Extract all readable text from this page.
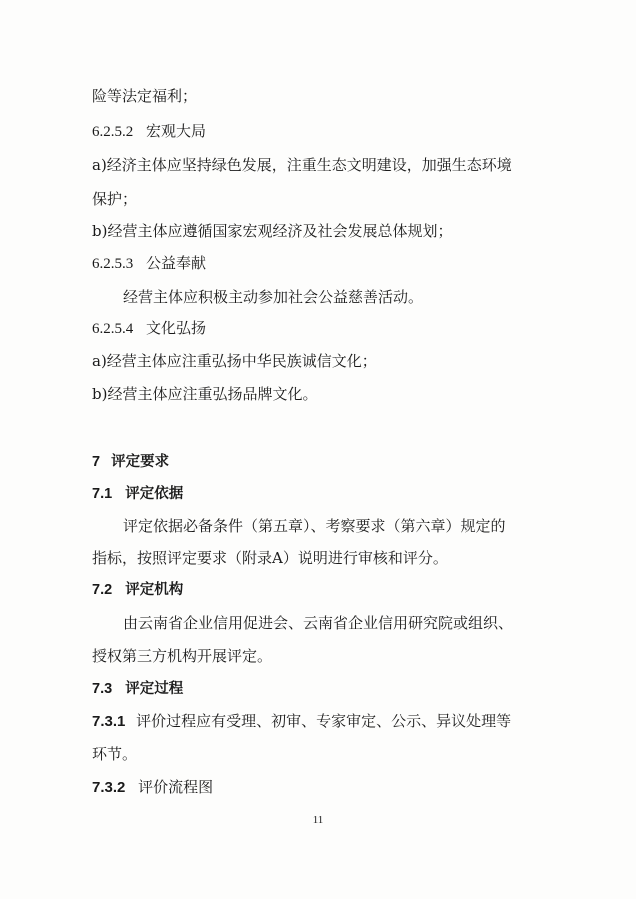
险等法定福利；
6.2.5.2 宏观大局
a)经济主体应坚持绿色发展，注重生态文明建设，加强生态环境
保护；
b)经营主体应遵循国家宏观经济及社会发展总体规划；
6.2.5.3 公益奉献
经营主体应积极主动参加社会公益慈善活动。
6.2.5.4 文化弘扬
a)经营主体应注重弘扬中华民族诚信文化；
b)经营主体应注重弘扬品牌文化。
7 评定要求
7.1 评定依据
评定依据必备条件（第五章）、考察要求（第六章）规定的
指标，按照评定要求（附录A）说明进行审核和评分。
7.2 评定机构
由云南省企业信用促进会、云南省企业信用研究院或组织、
授权第三方机构开展评定。
7.3 评定过程
7.3.1 评价过程应有受理、初审、专家审定、公示、异议处理等
环节。
7.3.2 评价流程图
11
